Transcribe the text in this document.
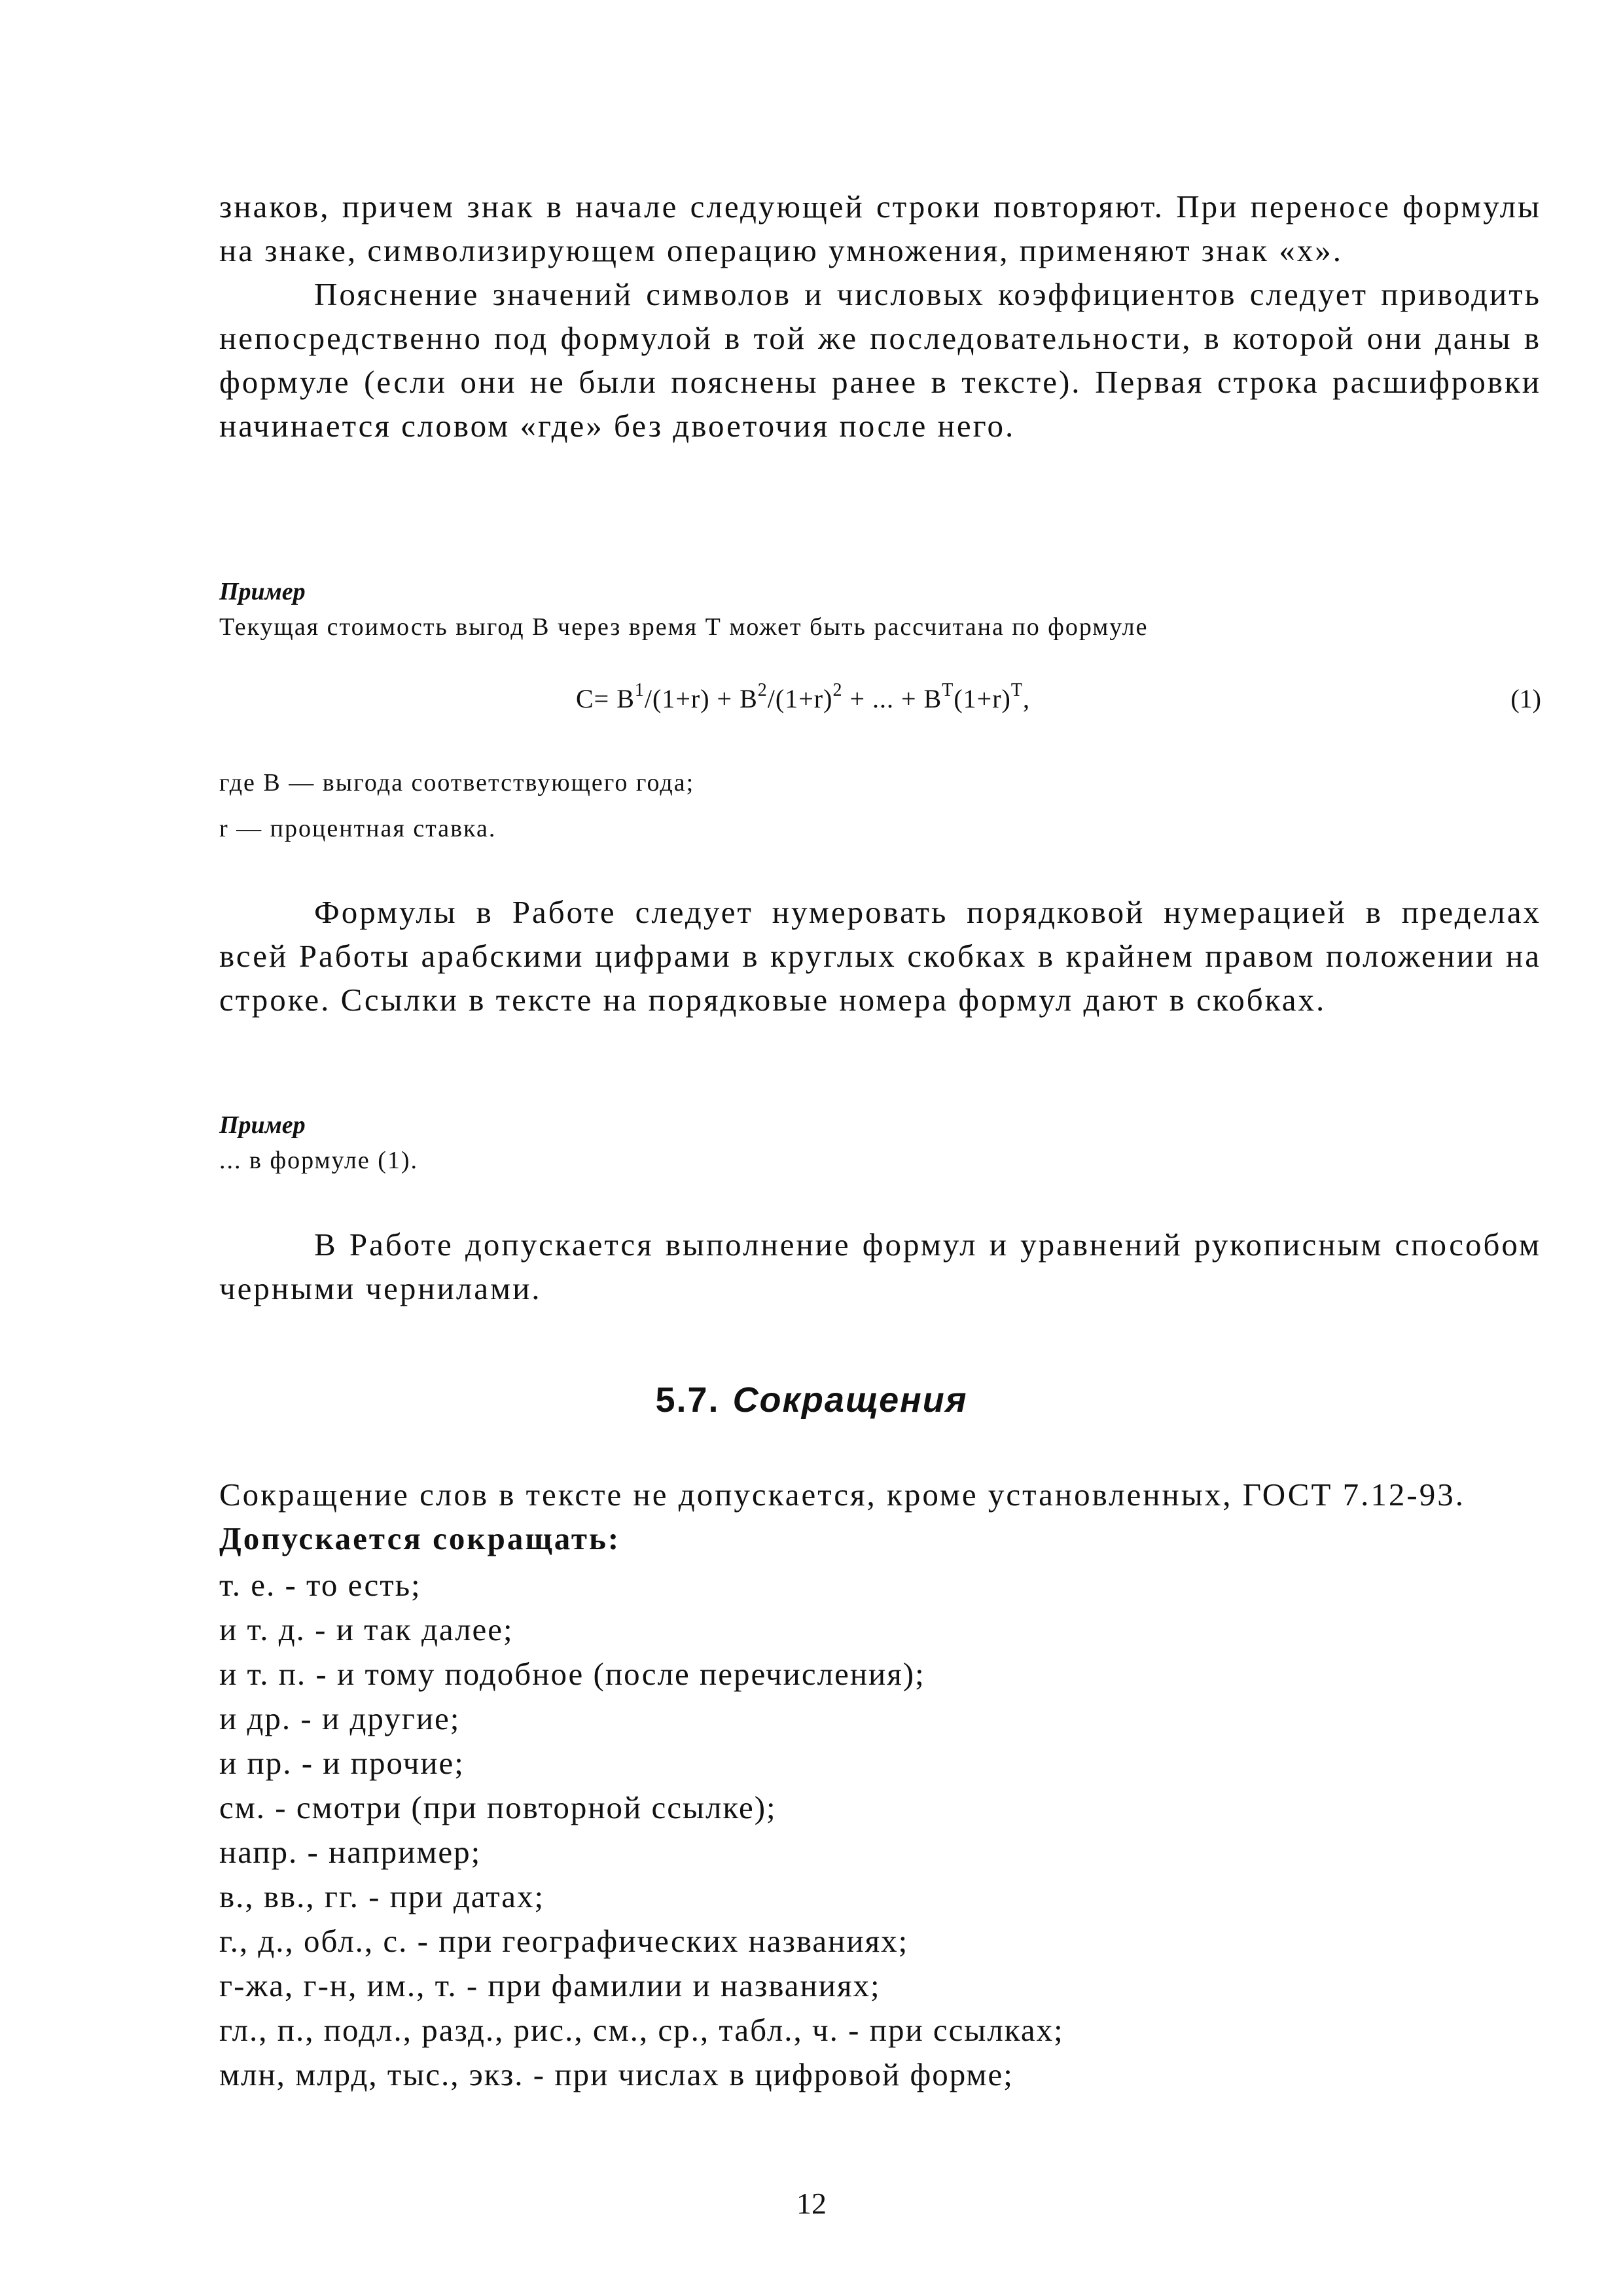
знаков, причем знак в начале следующей строки повторяют. При переносе формулы на знаке, символизирующем операцию умножения, применяют знак «х».

Пояснение значений символов и числовых коэффициентов следует приводить непосредственно под формулой в той же последовательности, в которой они даны в формуле (если они не были пояснены ранее в тексте). Первая строка расшифровки начинается словом «где» без двоеточия после него.

Пример

Текущая стоимость выгод В через время Т может быть рассчитана по формуле

$C= B^1/(1+r) + B^2/(1+r)^2$ + ... + $B^T(1+r)^T$,	(1)

где В — выгода соответствующего года;

r — процентная ставка.

Формулы в Работе следует нумеровать порядковой нумерацией в пределах всей Работы арабскими цифрами в круглых скобках в крайнем правом положении на строке. Ссылки в тексте на порядковые номера формул дают в скобках.

Пример

... в формуле (1).

В Работе допускается выполнение формул и уравнений рукописным способом черными чернилами.

5.7. Сокращения

Сокращение слов в тексте не допускается, кроме установленных, ГОСТ 7.12-93.

Допускается сокращать:

т. е. - то есть;
и т. д. - и так далее;
и т. п. - и тому подобное (после перечисления);
и др. - и другие;
и пр. - и прочие;
см. - смотри (при повторной ссылке);
напр. - например;
в., вв., гг. - при датах;
г., д., обл., с. - при географических названиях;
г-жа, г-н, им., т. - при фамилии и названиях;
гл., п., подл., разд., рис., см., ср., табл., ч. - при ссылках;
млн, млрд, тыс., экз. - при числах в цифровой форме;
12
